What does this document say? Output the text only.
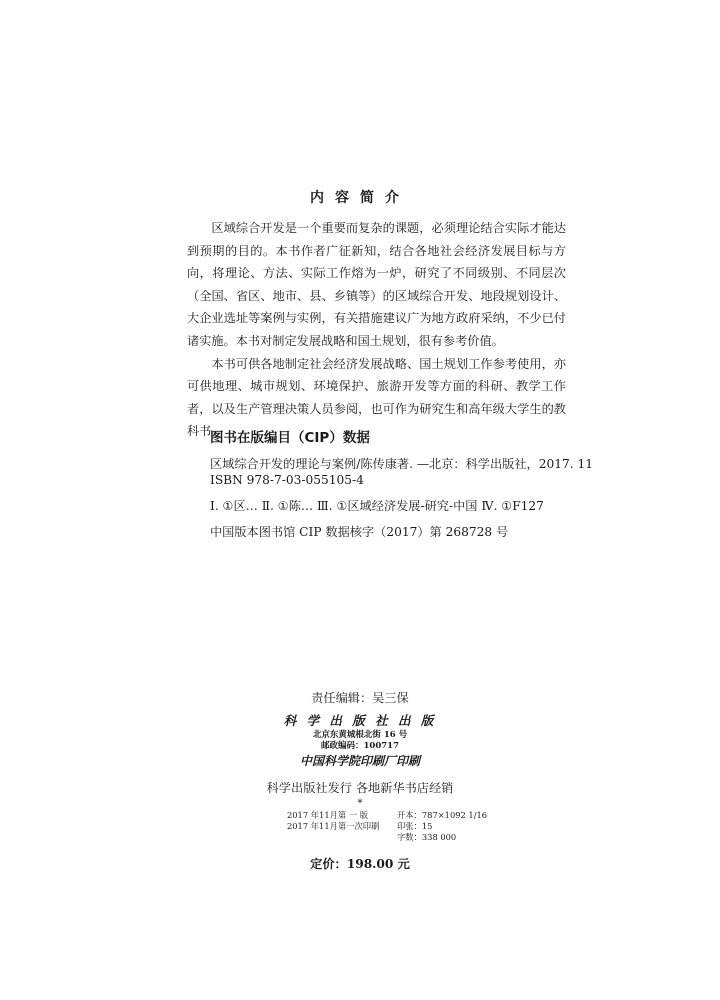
内容简介

区域综合开发是一个重要而复杂的课题，必须理论结合实际才能达到预期的目的。本书作者广征新知，结合各地社会经济发展目标与方向，将理论、方法、实际工作熔为一炉，研究了不同级别、不同层次（全国、省区、地市、县、乡镇等）的区域综合开发、地段规划设计、大企业选址等案例与实例，有关措施建议广为地方政府采纳，不少已付诸实施。本书对制定发展战略和国土规划，很有参考价值。

本书可供各地制定社会经济发展战略、国土规划工作参考使用，亦可供地理、城市规划、环境保护、旅游开发等方面的科研、教学工作者，以及生产管理决策人员参阅，也可作为研究生和高年级大学生的教科书。

图书在版编目（CIP）数据
区域综合开发的理论与案例/陈传康著. —北京：科学出版社，2017. 11
ISBN 978-7-03-055105-4
Ⅰ. ①区… Ⅱ. ①陈… Ⅲ. ①区域经济发展-研究-中国 Ⅳ. ①F127
中国版本图书馆 CIP 数据核字（2017）第 268728 号
责任编辑：吴三保
科 学 出 版 社 出 版
北京东黄城根北街 16 号
邮政编码：100717
中国科学院印刷厂印刷
科学出版社发行 各地新华书店经销
*
2017 年11月第 一 版	开本：787×1092 1/16
2017 年11月第一次印刷	印张：15
字数：338 000
定价：198.00 元
